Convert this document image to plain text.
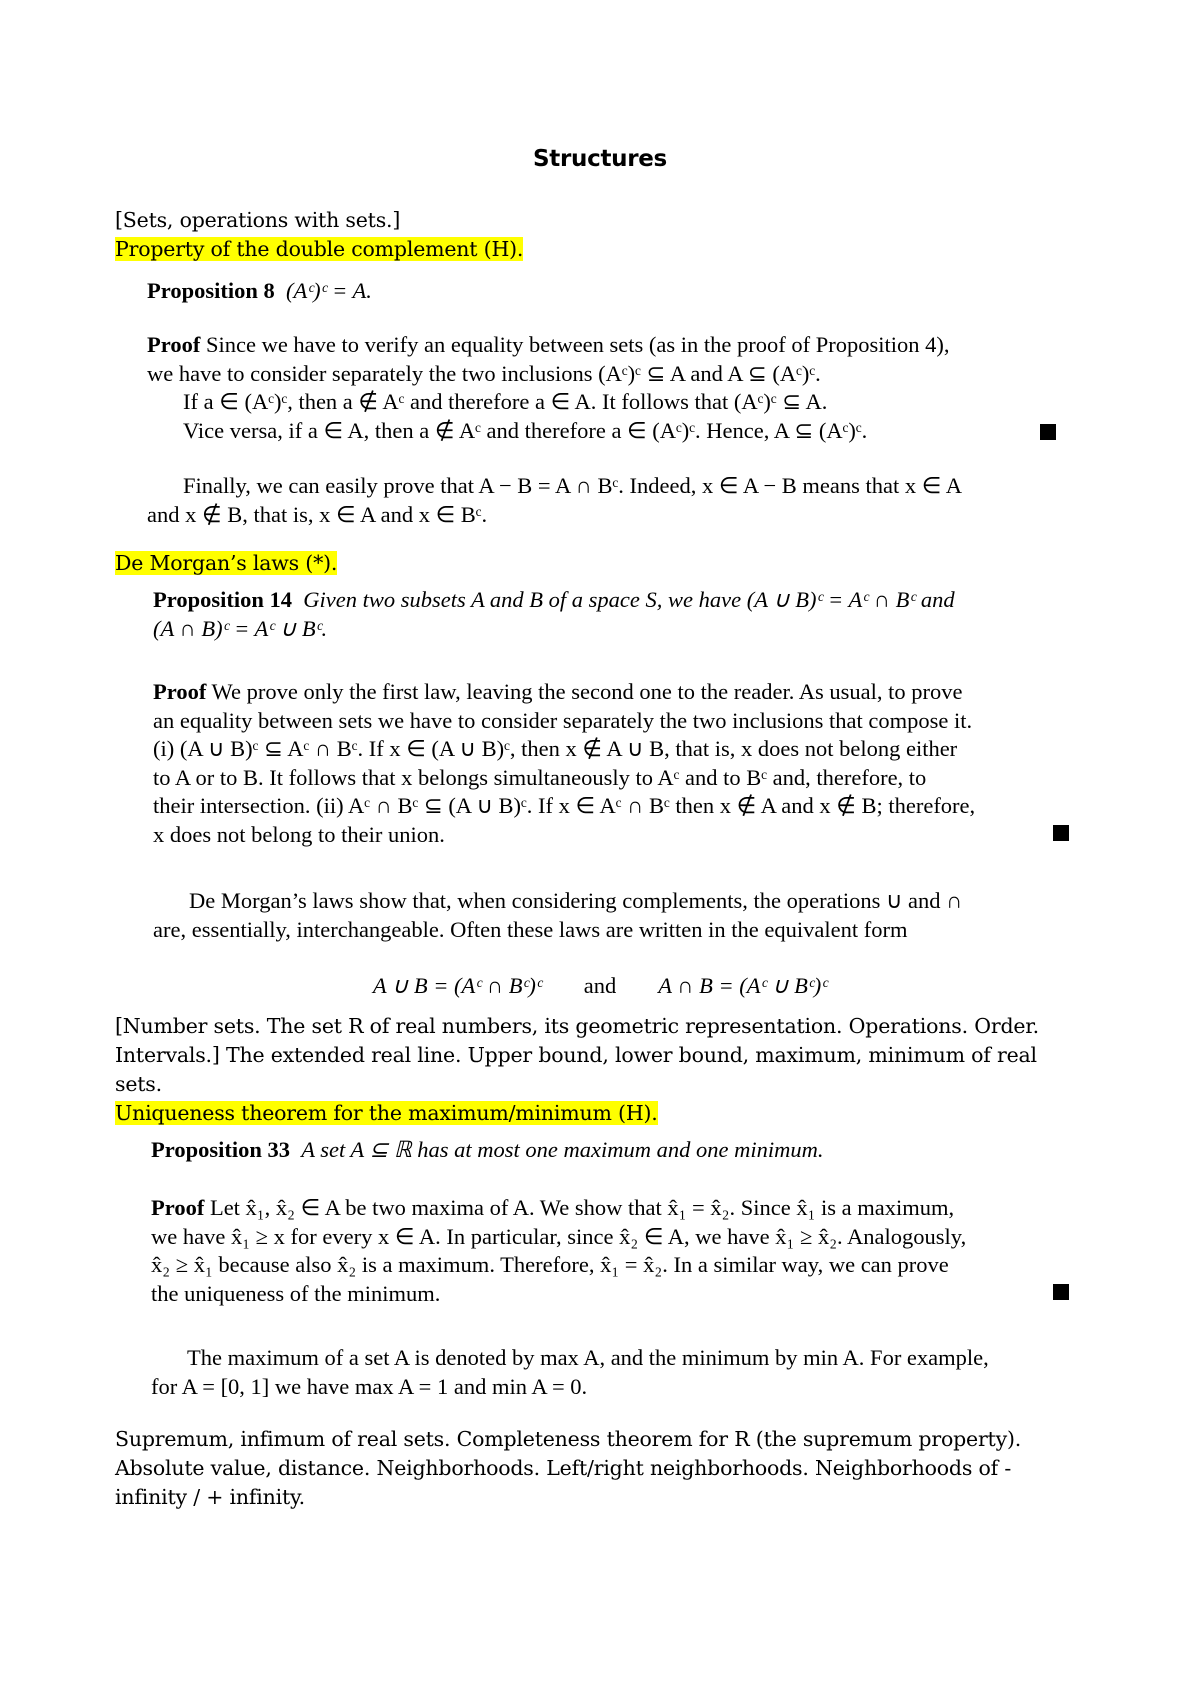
Structures
[Sets, operations with sets.]
Property of the double complement (H).
Proposition 8 (Aᶜ)ᶜ = A.
Proof Since we have to verify an equality between sets (as in the proof of Proposition 4),
we have to consider separately the two inclusions (Aᶜ)ᶜ ⊆ A and A ⊆ (Aᶜ)ᶜ.
If a ∈ (Aᶜ)ᶜ, then a ∉ Aᶜ and therefore a ∈ A. It follows that (Aᶜ)ᶜ ⊆ A.
Vice versa, if a ∈ A, then a ∉ Aᶜ and therefore a ∈ (Aᶜ)ᶜ. Hence, A ⊆ (Aᶜ)ᶜ.
Finally, we can easily prove that A − B = A ∩ Bᶜ. Indeed, x ∈ A − B means that x ∈ A
and x ∉ B, that is, x ∈ A and x ∈ Bᶜ.
De Morgan’s laws (*).
Proposition 14 Given two subsets A and B of a space S, we have (A ∪ B)ᶜ = Aᶜ ∩ Bᶜ and
(A ∩ B)ᶜ = Aᶜ ∪ Bᶜ.
Proof We prove only the first law, leaving the second one to the reader. As usual, to prove
an equality between sets we have to consider separately the two inclusions that compose it.
(i) (A ∪ B)ᶜ ⊆ Aᶜ ∩ Bᶜ. If x ∈ (A ∪ B)ᶜ, then x ∉ A ∪ B, that is, x does not belong either
to A or to B. It follows that x belongs simultaneously to Aᶜ and to Bᶜ and, therefore, to
their intersection. (ii) Aᶜ ∩ Bᶜ ⊆ (A ∪ B)ᶜ. If x ∈ Aᶜ ∩ Bᶜ then x ∉ A and x ∉ B; therefore,
x does not belong to their union.
De Morgan’s laws show that, when considering complements, the operations ∪ and ∩
are, essentially, interchangeable. Often these laws are written in the equivalent form
A ∪ B = (Aᶜ ∩ Bᶜ)ᶜ and A ∩ B = (Aᶜ ∪ Bᶜ)ᶜ
[Number sets. The set R of real numbers, its geometric representation. Operations. Order. Intervals.] The extended real line. Upper bound, lower bound, maximum, minimum of real sets.
Uniqueness theorem for the maximum/minimum (H).
Proposition 33 A set A ⊆ ℝ has at most one maximum and one minimum.
Proof Let x̂₁, x̂₂ ∈ A be two maxima of A. We show that x̂₁ = x̂₂. Since x̂₁ is a maximum,
we have x̂₁ ≥ x for every x ∈ A. In particular, since x̂₂ ∈ A, we have x̂₁ ≥ x̂₂. Analogously,
x̂₂ ≥ x̂₁ because also x̂₂ is a maximum. Therefore, x̂₁ = x̂₂. In a similar way, we can prove
the uniqueness of the minimum.
The maximum of a set A is denoted by max A, and the minimum by min A. For example,
for A = [0, 1] we have max A = 1 and min A = 0.
Supremum, infimum of real sets. Completeness theorem for R (the supremum property). Absolute value, distance. Neighborhoods. Left/right neighborhoods. Neighborhoods of -infinity / + infinity.
